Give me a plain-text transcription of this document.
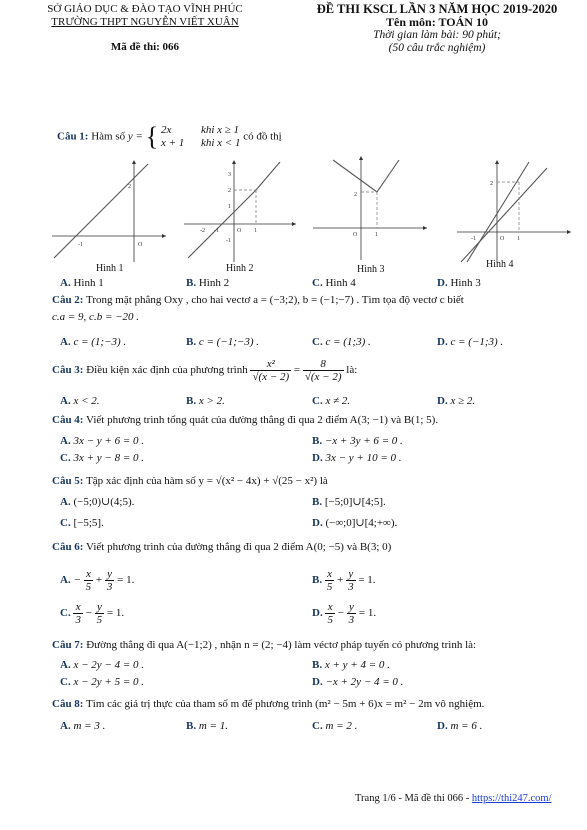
SỞ GIÁO DỤC & ĐÀO TẠO VĨNH PHÚC
TRƯỜNG THPT NGUYỄN VIẾT XUÂN
Mã đề thi: 066
ĐỀ THI KSCL LẦN 3 NĂM HỌC 2019-2020
Tên môn: TOÁN 10
Thời gian làm bài: 90 phút;
(50 câu trắc nghiệm)
Câu 1: Hàm số y = { 2x	khi x ≥ 1
x + 1 khi x < 1 có đồ thị
-1	O
2
-2 -1	O 1
3
2
1
-1
O	1
2
-1	O 1
2
Hình 1	Hình 2	Hình 3	Hình 4
A. Hình 1	B. Hình 2	C. Hình 4	D. Hình 3
Câu 2: Trong mặt phẳng Oxy , cho hai vectơ a = (−3;2), b = (−1;−7) . Tìm tọa độ vectơ c biết
c.a = 9, c.b = −20 .
A. c = (1;−3) .	B. c = (−1;−3) .	C. c = (1;3) .	D. c = (−1;3) .
Câu 3: Điều kiện xác định của phương trình $\frac{\text{x²}}{√(x - 2)} = \frac{8}{√(x - 2)}$ là:
A. x < 2.	B. x > 2.	C. x ≠ 2.	D. x ≥ 2.
Câu 4: Viết phương trình tổng quát của đường thẳng đi qua 2 điểm A(3; −1) và B(1; 5).
A. 3x − y + 6 = 0 .	B. −x + 3y + 6 = 0 .
C. 3x + y − 8 = 0 .	D. 3x − y + 10 = 0 .
Câu 5: Tập xác định của hàm số y = √(x² − 4x) + √(25 − x²) là
A. (−5;0)∪(4;5).	B. [−5;0]∪[4;5].
C. [−5;5].	D. (−∞;0]∪[4;+∞).
Câu 6: Viết phương trình của đường thẳng đi qua 2 điểm A(0; −5) và B(3; 0)
A. − $\frac{x}{5} + \frac{y}{3} = 1$.	B. $\frac{x}{5} + \frac{y}{3} = 1$.
C. $\frac{x}{3} - \frac{y}{5} = 1$.	D. $\frac{x}{5} - \frac{y}{3} = 1$.
Câu 7: Đường thẳng đi qua A(−1;2) , nhận n = (2; −4) làm véctơ pháp tuyến có phương trình là:
A. x − 2y − 4 = 0 .	B. x + y + 4 = 0 .
C. x − 2y + 5 = 0 .	D. −x + 2y − 4 = 0 .
Câu 8: Tìm các giá trị thực của tham số m để phương trình (m² − 5m + 6)x = m² − 2m vô nghiệm.
A. m = 3 .	B. m = 1.	C. m = 2 .	D. m = 6 .
Trang 1/6 - Mã đề thi 066 - https://thi247.com/
